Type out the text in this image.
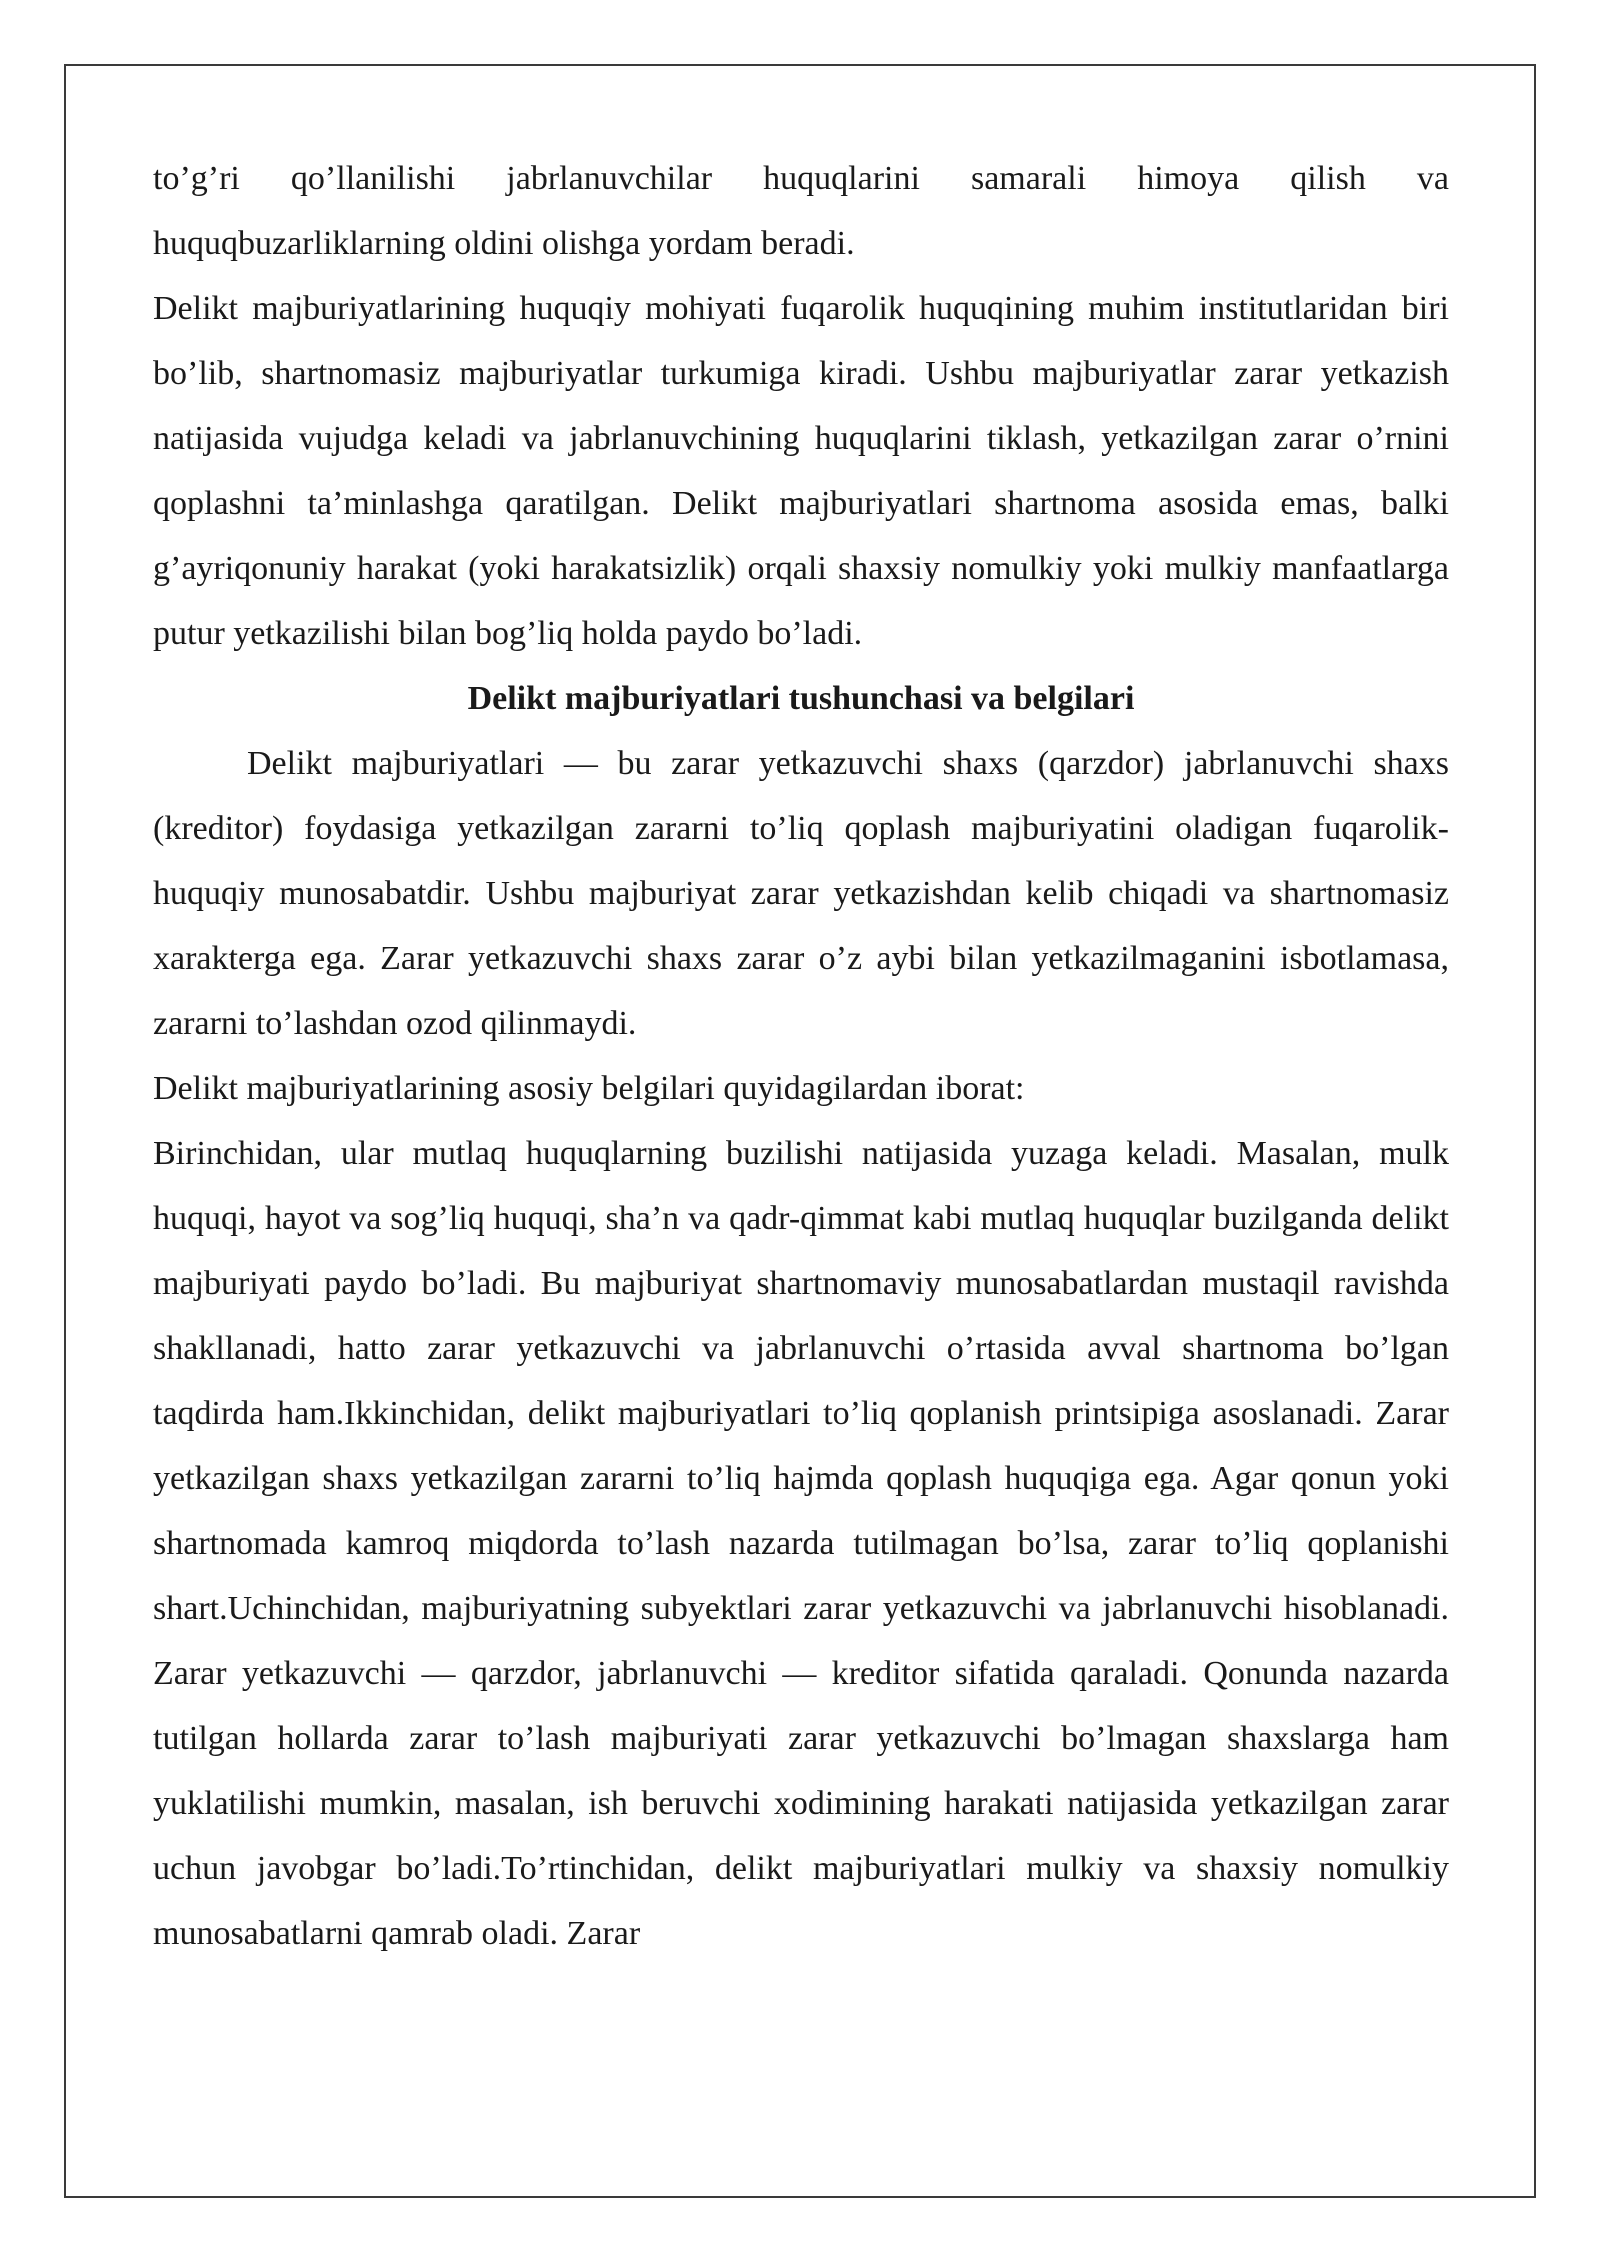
to’g’ri qo’llanilishi jabrlanuvchilar huquqlarini samarali himoya qilish va huquqbuzarliklarning oldini olishga yordam beradi.

Delikt majburiyatlarining huquqiy mohiyati fuqarolik huquqining muhim institutlaridan biri bo’lib, shartnomasiz majburiyatlar turkumiga kiradi. Ushbu majburiyatlar zarar yetkazish natijasida vujudga keladi va jabrlanuvchining huquqlarini tiklash, yetkazilgan zarar o’rnini qoplashni ta’minlashga qaratilgan. Delikt majburiyatlari shartnoma asosida emas, balki g’ayriqonuniy harakat (yoki harakatsizlik) orqali shaxsiy nomulkiy yoki mulkiy manfaatlarga putur yetkazilishi bilan bog’liq holda paydo bo’ladi.

Delikt majburiyatlari tushunchasi va belgilari

Delikt majburiyatlari — bu zarar yetkazuvchi shaxs (qarzdor) jabrlanuvchi shaxs (kreditor) foydasiga yetkazilgan zararni to’liq qoplash majburiyatini oladigan fuqarolik-huquqiy munosabatdir. Ushbu majburiyat zarar yetkazishdan kelib chiqadi va shartnomasiz xarakterga ega. Zarar yetkazuvchi shaxs zarar o’z aybi bilan yetkazilmaganini isbotlamasa, zararni to’lashdan ozod qilinmaydi.

Delikt majburiyatlarining asosiy belgilari quyidagilardan iborat:

Birinchidan, ular mutlaq huquqlarning buzilishi natijasida yuzaga keladi. Masalan, mulk huquqi, hayot va sog’liq huquqi, sha’n va qadr-qimmat kabi mutlaq huquqlar buzilganda delikt majburiyati paydo bo’ladi. Bu majburiyat shartnomaviy munosabatlardan mustaqil ravishda shakllanadi, hatto zarar yetkazuvchi va jabrlanuvchi o’rtasida avval shartnoma bo’lgan taqdirda ham.Ikkinchidan, delikt majburiyatlari to’liq qoplanish printsipiga asoslanadi. Zarar yetkazilgan shaxs yetkazilgan zararni to’liq hajmda qoplash huquqiga ega. Agar qonun yoki shartnomada kamroq miqdorda to’lash nazarda tutilmagan bo’lsa, zarar to’liq qoplanishi shart.Uchinchidan, majburiyatning subyektlari zarar yetkazuvchi va jabrlanuvchi hisoblanadi. Zarar yetkazuvchi — qarzdor, jabrlanuvchi — kreditor sifatida qaraladi. Qonunda nazarda tutilgan hollarda zarar to’lash majburiyati zarar yetkazuvchi bo’lmagan shaxslarga ham yuklatilishi mumkin, masalan, ish beruvchi xodimining harakati natijasida yetkazilgan zarar uchun javobgar bo’ladi.To’rtinchidan, delikt majburiyatlari mulkiy va shaxsiy nomulkiy munosabatlarni qamrab oladi. Zarar
